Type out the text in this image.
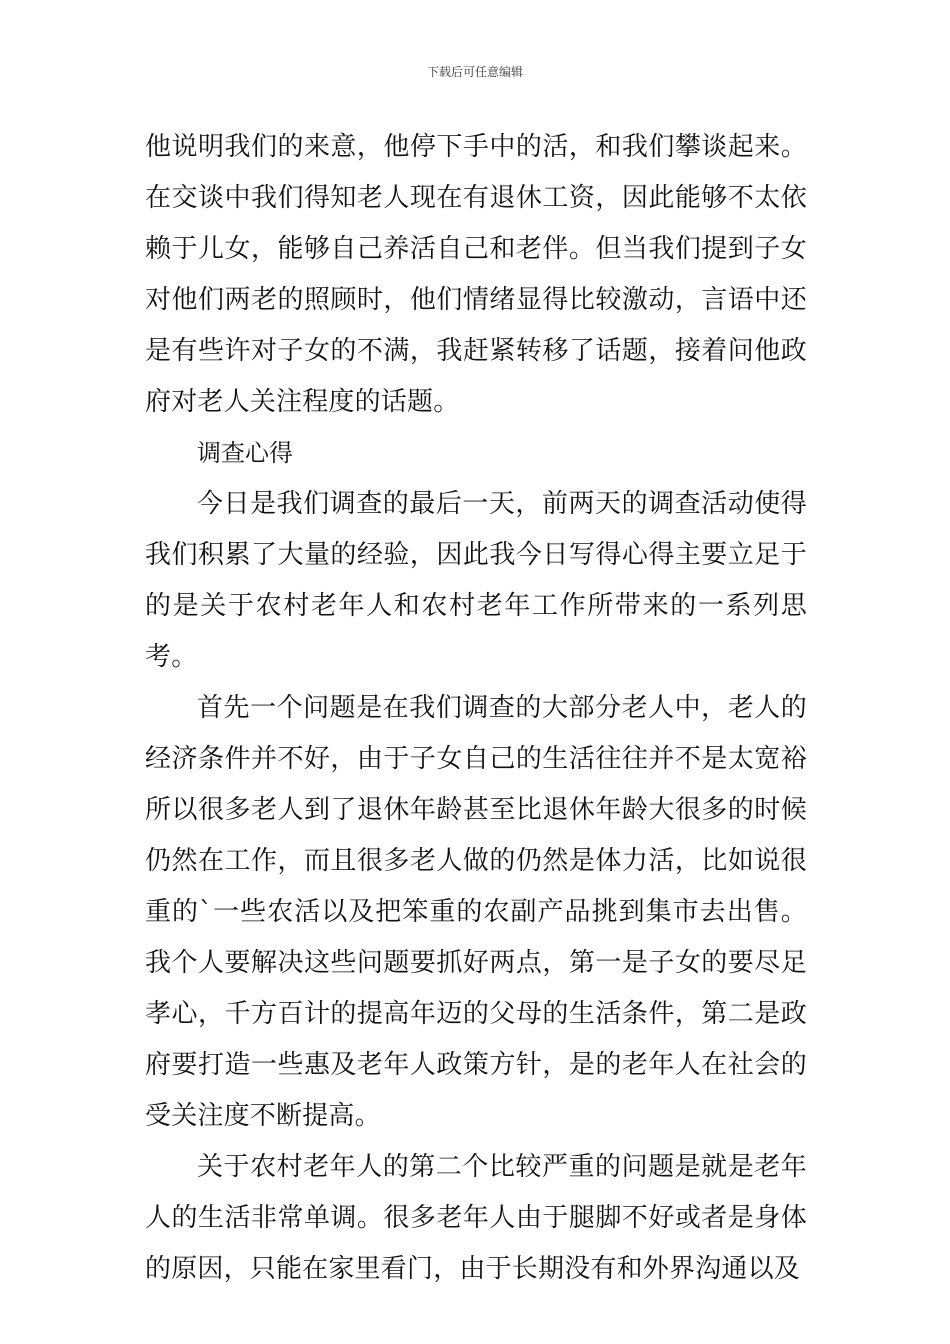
下载后可任意编辑

他说明我们的来意，他停下手中的活，和我们攀谈起来。在交谈中我们得知老人现在有退休工资，因此能够不太依赖于儿女，能够自己养活自己和老伴。但当我们提到子女对他们两老的照顾时，他们情绪显得比较激动，言语中还是有些许对子女的不满，我赶紧转移了话题，接着问他政府对老人关注程度的话题。

调查心得

今日是我们调查的最后一天，前两天的调查活动使得我们积累了大量的经验，因此我今日写得心得主要立足于的是关于农村老年人和农村老年工作所带来的一系列思考。

首先一个问题是在我们调查的大部分老人中，老人的经济条件并不好，由于子女自己的生活往往并不是太宽裕所以很多老人到了退休年龄甚至比退休年龄大很多的时候仍然在工作，而且很多老人做的仍然是体力活，比如说很重的`一些农活以及把笨重的农副产品挑到集市去出售。我个人要解决这些问题要抓好两点，第一是子女的要尽足孝心，千方百计的提高年迈的父母的生活条件，第二是政府要打造一些惠及老年人政策方针，是的老年人在社会的受关注度不断提高。

关于农村老年人的第二个比较严重的问题是就是老年人的生活非常单调。很多老年人由于腿脚不好或者是身体的原因，只能在家里看门，由于长期没有和外界沟通以及
